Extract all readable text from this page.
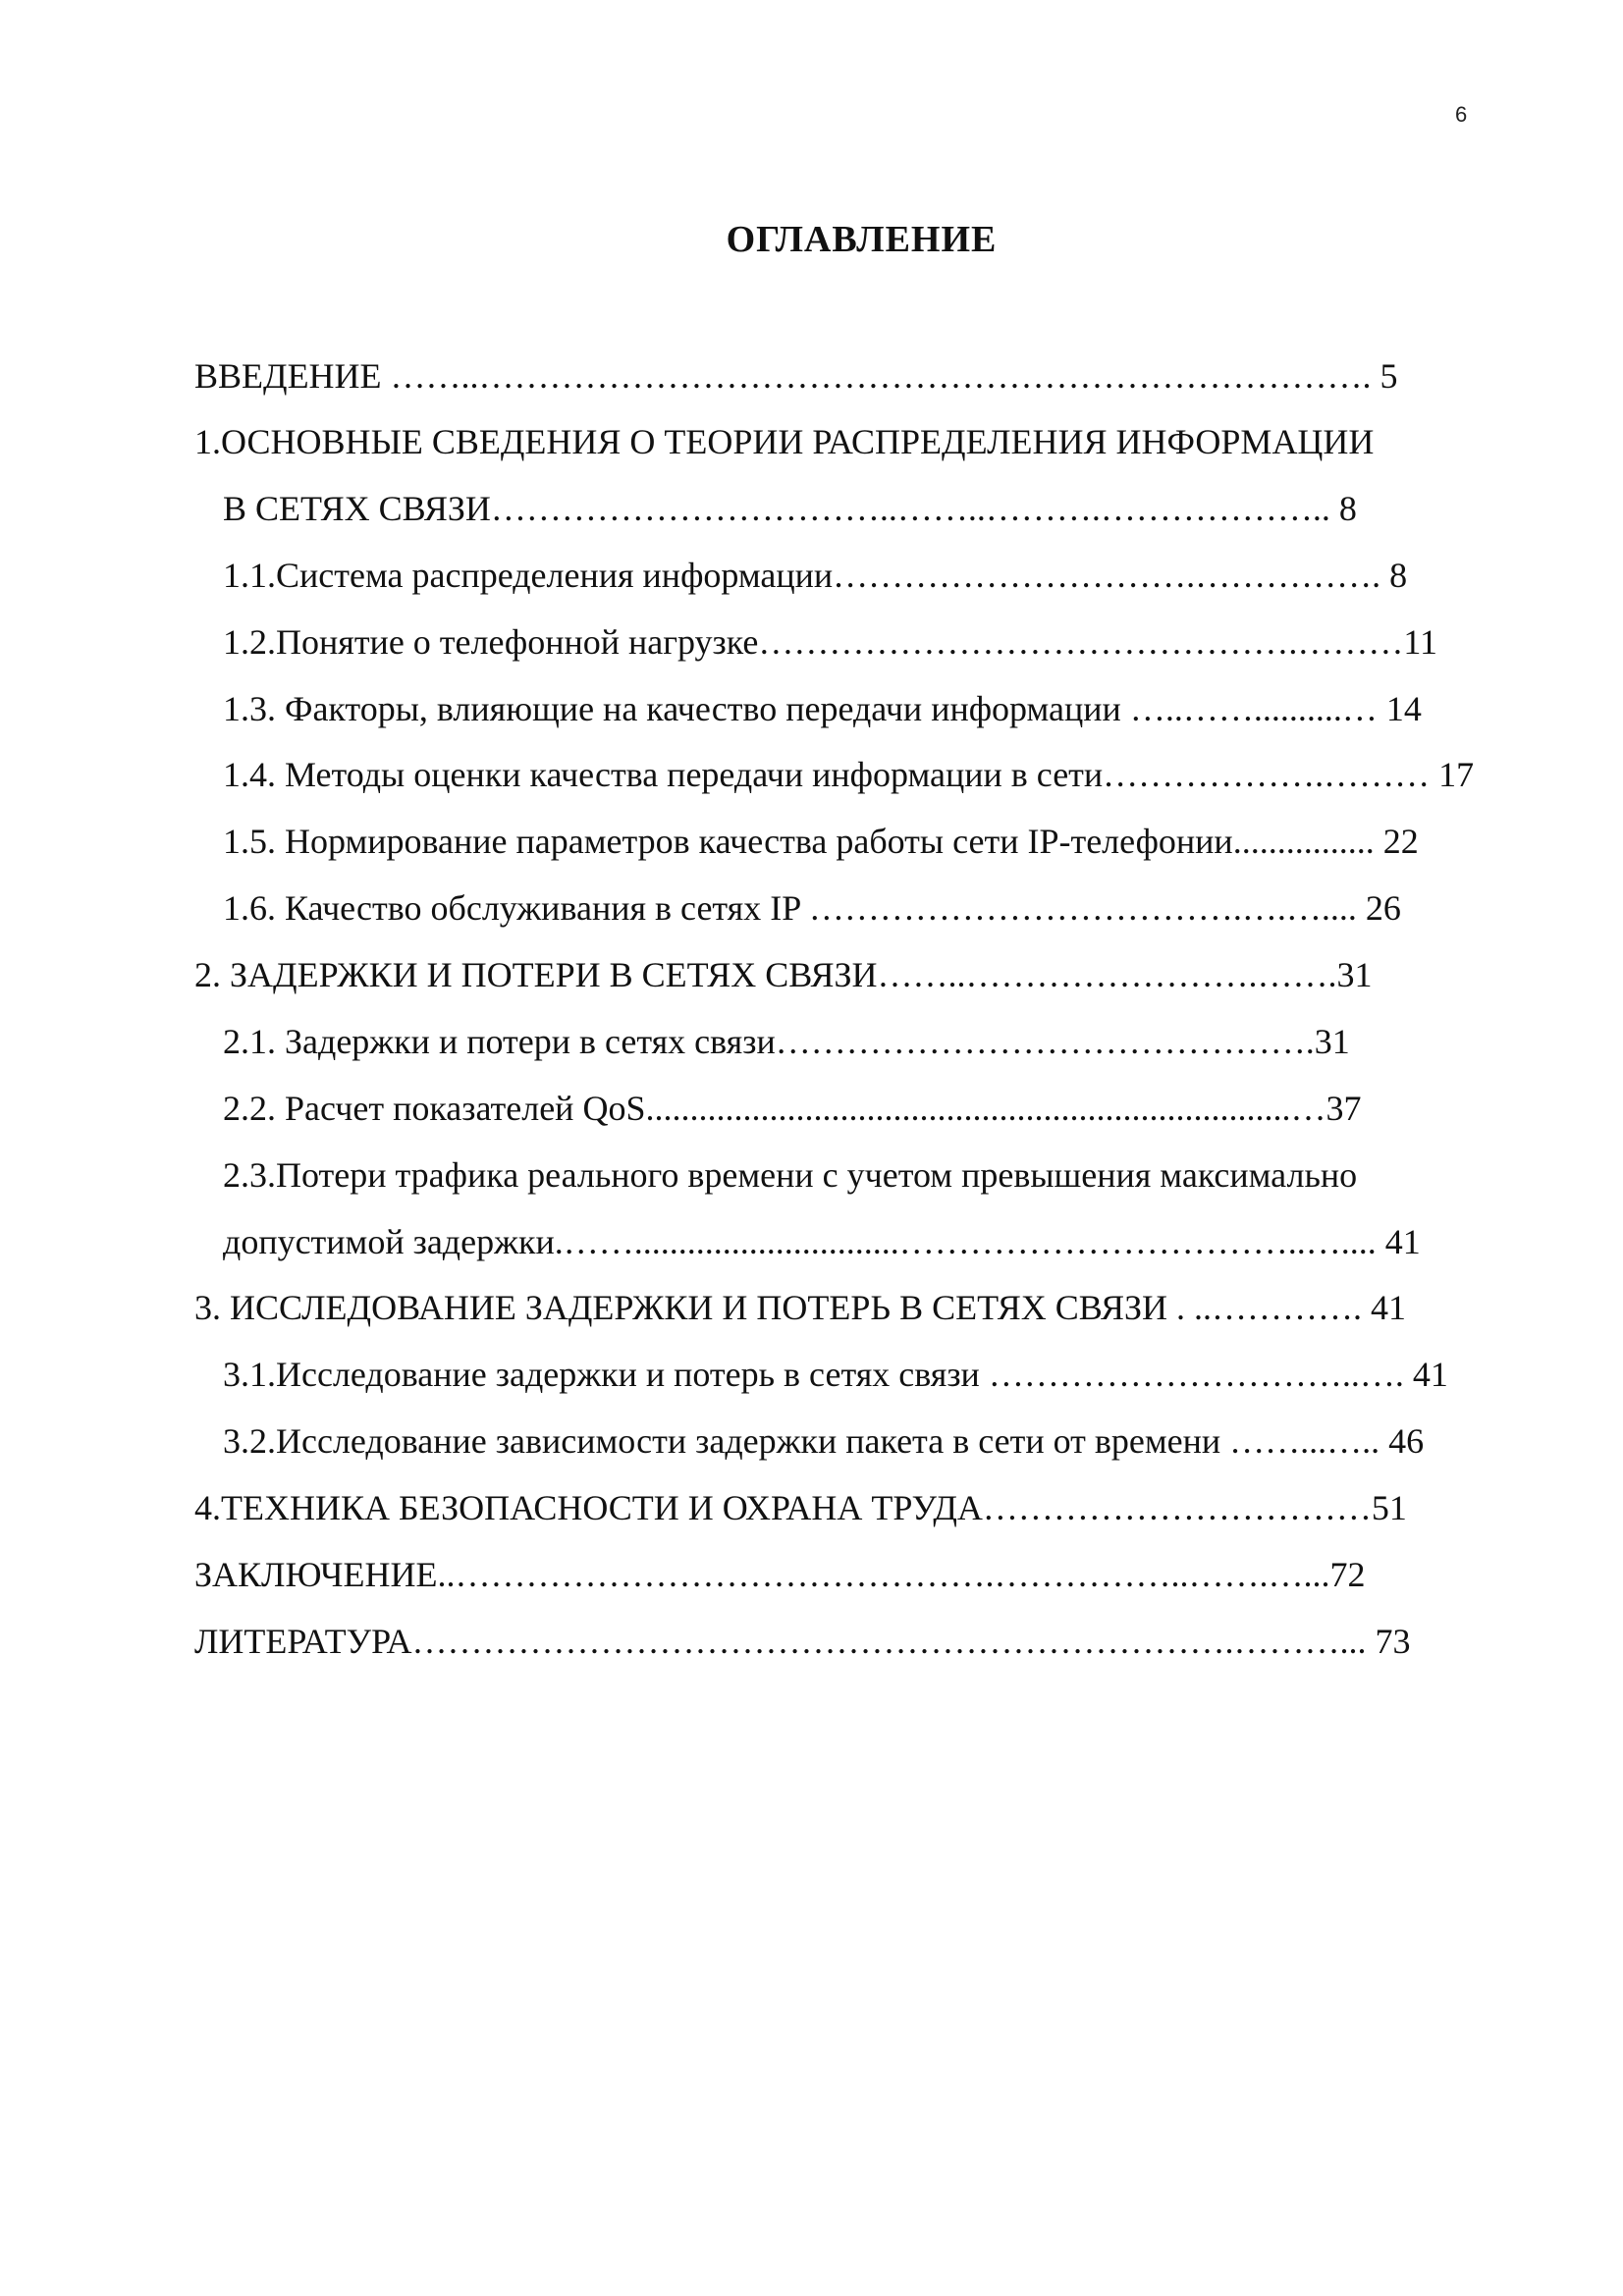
6
ОГЛАВЛЕНИЕ
ВВЕДЕНИЕ ……..…………………………………………………………………. 5
1.ОСНОВНЫЕ СВЕДЕНИЯ О ТЕОРИИ РАСПРЕДЕЛЕНИЯ ИНФОРМАЦИИ
В СЕТЯХ СВЯЗИ……………………………..……..……….……………….. 8
1.1.Система распределения информации………………………….……………. 8
1.2.Понятие о телефонной нагрузке……………………………………….………11
1.3. Факторы, влияющие на качество передачи информации …..……..........… 14
1.4. Методы оценки качества передачи информации в сети……………….……… 17
1.5. Нормирование параметров качества работы сети IP-телефонии................ 22
1.6. Качество обслуживания в сетях IP ……………………………….….….... 26
2. ЗАДЕРЖКИ И ПОТЕРИ В СЕТЯХ СВЯЗИ……..…………………….…….31
2.1. Задержки и потери в сетях связи……………………………………….31
2.2. Расчет показателей QoS.........................................................................…37
2.3.Потери трафика реального времени с учетом превышения максимально
допустимой задержки.……..............................……………………………..….... 41
3. ИССЛЕДОВАНИЕ ЗАДЕРЖКИ И ПОТЕРЬ В СЕТЯХ СВЯЗИ . ..…………. 41
3.1.Исследование задержки и потерь в сетях связи …………………………..…. 41
3.2.Исследование зависимости задержки пакета в сети от времени ……...….. 46
4.ТЕХНИКА БЕЗОПАСНОСТИ И ОХРАНА ТРУДА……………………………51
ЗАКЛЮЧЕНИЕ..……………………………………….……………..…….…...72
ЛИТЕРАТУРА…………………………………………………………….………... 73
